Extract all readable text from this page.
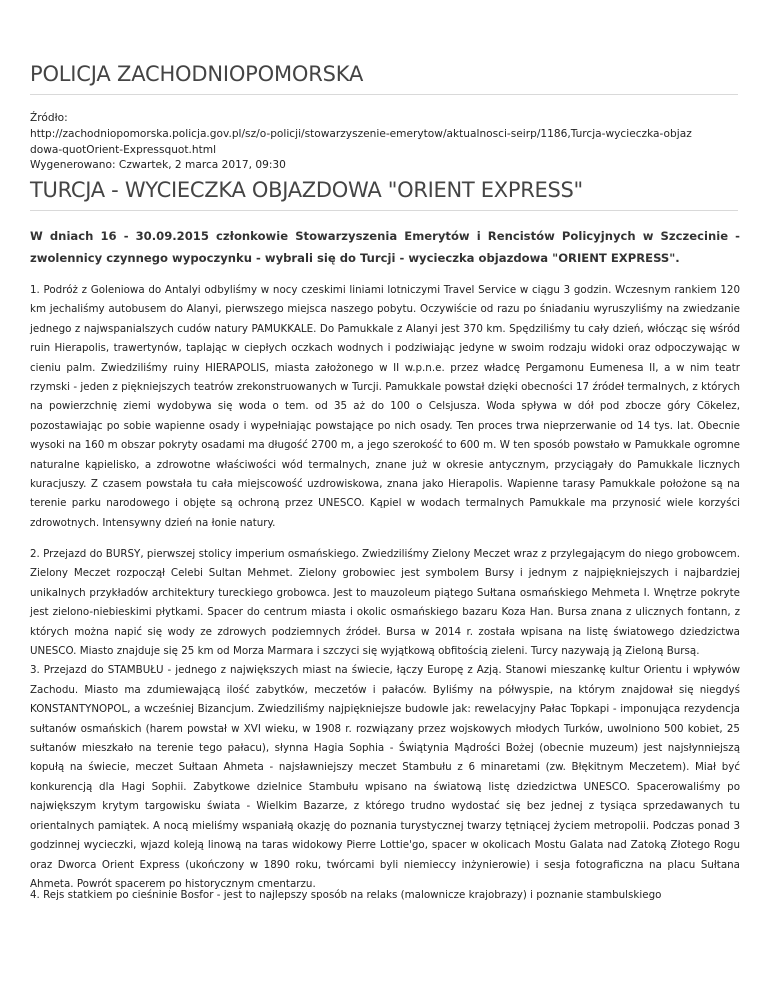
POLICJA ZACHODNIOPOMORSKA
Źródło:
http://zachodniopomorska.policja.gov.pl/sz/o-policji/stowarzyszenie-emerytow/aktualnosci-seirp/1186,Turcja-wycieczka-objaz
dowa-quotOrient-Expressquot.html
Wygenerowano: Czwartek, 2 marca 2017, 09:30
TURCJA - WYCIECZKA OBJAZDOWA "ORIENT EXPRESS"

W dniach 16 - 30.09.2015 członkowie Stowarzyszenia Emerytów i Rencistów Policyjnych w Szczecinie - zwolennicy czynnego wypoczynku - wybrali się do Turcji - wycieczka objazdowa "ORIENT EXPRESS".

1. Podróż z Goleniowa do Antalyi odbyliśmy w nocy czeskimi liniami lotniczymi Travel Service w ciągu 3 godzin. Wczesnym rankiem 120 km jechaliśmy autobusem do Alanyi, pierwszego miejsca naszego pobytu. Oczywiście od razu po śniadaniu wyruszyliśmy na zwiedzanie jednego z najwspanialszych cudów natury PAMUKKALE. Do Pamukkale z Alanyi jest 370 km. Spędziliśmy tu cały dzień, włócząc się wśród ruin Hierapolis, trawertynów, taplając w ciepłych oczkach wodnych i podziwiając jedyne w swoim rodzaju widoki oraz odpoczywając w cieniu palm. Zwiedziliśmy ruiny HIERAPOLIS, miasta założonego w II w.p.n.e. przez władcę Pergamonu Eumenesa II, a w nim teatr rzymski - jeden z piękniejszych teatrów zrekonstruowanych w Turcji. Pamukkale powstał dzięki obecności 17 źródeł termalnych, z których na powierzchnię ziemi wydobywa się woda o tem. od 35 aż do 100 o Celsjusza. Woda spływa w dół pod zbocze góry Cökelez, pozostawiając po sobie wapienne osady i wypełniając powstające po nich osady. Ten proces trwa nieprzerwanie od 14 tys. lat. Obecnie wysoki na 160 m obszar pokryty osadami ma długość 2700 m, a jego szerokość to 600 m. W ten sposób powstało w Pamukkale ogromne naturalne kąpielisko, a zdrowotne właściwości wód termalnych, znane już w okresie antycznym, przyciągały do Pamukkale licznych kuracjuszy. Z czasem powstała tu cała miejscowość uzdrowiskowa, znana jako Hierapolis. Wapienne tarasy Pamukkale położone są na terenie parku narodowego i objęte są ochroną przez UNESCO. Kąpiel w wodach termalnych Pamukkale ma przynosić wiele korzyści zdrowotnych. Intensywny dzień na łonie natury.

2. Przejazd do BURSY, pierwszej stolicy imperium osmańskiego. Zwiedziliśmy Zielony Meczet wraz z przylegającym do niego grobowcem. Zielony Meczet rozpoczął Celebi Sultan Mehmet. Zielony grobowiec jest symbolem Bursy i jednym z najpiękniejszych i najbardziej unikalnych przykładów architektury tureckiego grobowca. Jest to mauzoleum piątego Sułtana osmańskiego Mehmeta I. Wnętrze pokryte jest zielono-niebieskimi płytkami. Spacer do centrum miasta i okolic osmańskiego bazaru Koza Han. Bursa znana z ulicznych fontann, z których można napić się wody ze zdrowych podziemnych źródeł. Bursa w 2014 r. została wpisana na listę światowego dziedzictwa UNESCO. Miasto znajduje się 25 km od Morza Marmara i szczyci się wyjątkową obfitością zieleni. Turcy nazywają ją Zieloną Bursą.
3. Przejazd do STAMBUŁU - jednego z największych miast na świecie, łączy Europę z Azją. Stanowi mieszankę kultur Orientu i wpływów Zachodu. Miasto ma zdumiewającą ilość zabytków, meczetów i pałaców. Byliśmy na półwyspie, na którym znajdował się niegdyś KONSTANTYNOPOL, a wcześniej Bizancjum. Zwiedziliśmy najpiękniejsze budowle jak: rewelacyjny Pałac Topkapi - imponująca rezydencja sułtanów osmańskich (harem powstał w XVI wieku, w 1908 r. rozwiązany przez wojskowych młodych Turków, uwolniono 500 kobiet, 25 sułtanów mieszkało na terenie tego pałacu), słynna Hagia Sophia - Świątynia Mądrości Bożej (obecnie muzeum) jest najsłynniejszą kopułą na świecie, meczet Sułtaan Ahmeta - najsławniejszy meczet Stambułu z 6 minaretami (zw. Błękitnym Meczetem). Miał być konkurencją dla Hagi Sophii. Zabytkowe dzielnice Stambułu wpisano na światową listę dziedzictwa UNESCO. Spacerowaliśmy po największym krytym targowisku świata - Wielkim Bazarze, z którego trudno wydostać się bez jednej z tysiąca sprzedawanych tu orientalnych pamiątek. A nocą mieliśmy wspaniałą okazję do poznania turystycznej twarzy tętniącej życiem metropolii. Podczas ponad 3 godzinnej wycieczki, wjazd koleją linową na taras widokowy Pierre Lottie'go, spacer w okolicach Mostu Galata nad Zatoką Złotego Rogu oraz Dworca Orient Express (ukończony w 1890 roku, twórcami byli niemieccy inżynierowie) i sesja fotograficzna na placu Sułtana Ahmeta. Powrót spacerem po historycznym cmentarzu.

4. Rejs statkiem po cieśninie Bosfor - jest to najlepszy sposób na relaks (malownicze krajobrazy) i poznanie stambulskiego
